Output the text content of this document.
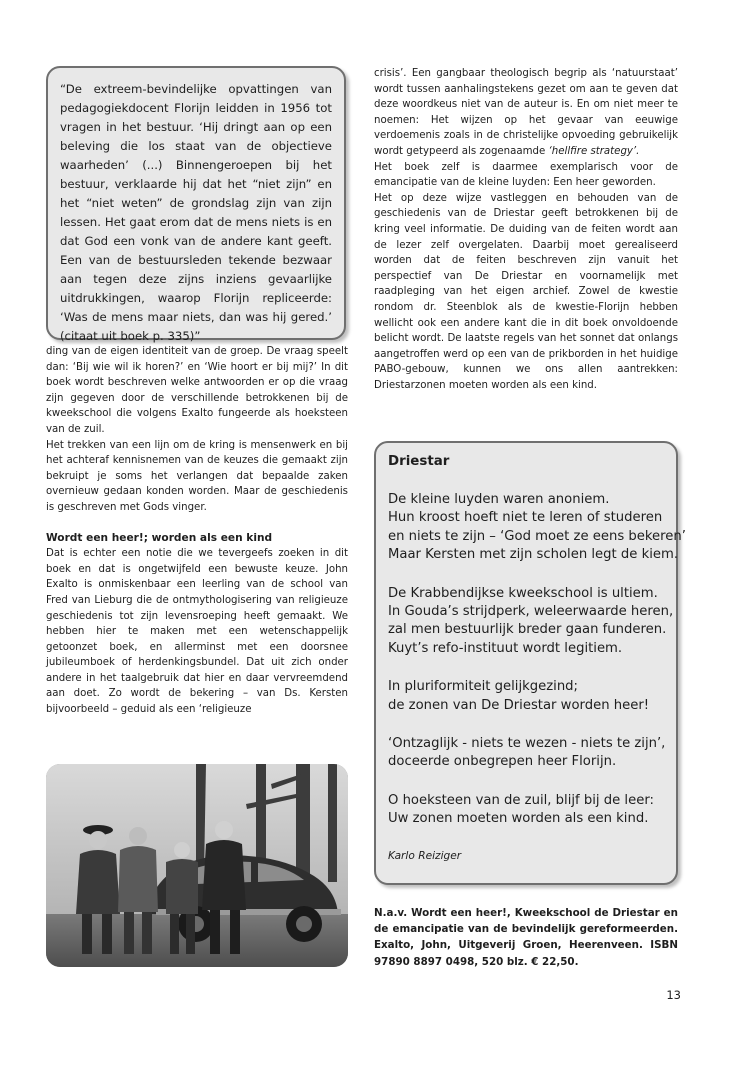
“De extreem-bevindelijke opvattingen van pedagogiekdocent Florijn leidden in 1956 tot vragen in het bestuur. ‘Hij dringt aan op een beleving die los staat van de objectieve waarheden’ (...) Binnengeroepen bij het bestuur, verklaarde hij dat het “niet zijn” en het “niet weten” de grondslag zijn van zijn lessen. Het gaat erom dat de mens niets is en dat God een vonk van de andere kant geeft. Een van de bestuursleden tekende bezwaar aan tegen deze zijns inziens gevaarlijke uitdrukkingen, waarop Florijn repliceerde: ‘Was de mens maar niets, dan was hij gered.’ (citaat uit boek p. 335)”

ding van de eigen identiteit van de groep. De vraag speelt dan: ‘Bij wie wil ik horen?’ en ‘Wie hoort er bij mij?’ In dit boek wordt beschreven welke antwoorden er op die vraag zijn gegeven door de verschillende betrokkenen bij de kweekschool die volgens Exalto fungeerde als hoeksteen van de zuil.

Het trekken van een lijn om de kring is mensenwerk en bij het achteraf kennisnemen van de keuzes die gemaakt zijn bekruipt je soms het verlangen dat bepaalde zaken overnieuw gedaan konden worden. Maar de geschiedenis is geschreven met Gods vinger.

Wordt een heer!; worden als een kind

Dat is echter een notie die we tevergeefs zoeken in dit boek en dat is ongetwijfeld een bewuste keuze. John Exalto is onmiskenbaar een leerling van de school van Fred van Lieburg die de ontmythologisering van religieuze geschiedenis tot zijn levensroeping heeft gemaakt. We hebben hier te maken met een wetenschappelijk getoonzet boek, en allerminst met een doorsnee jubileumboek of herdenkingsbundel. Dat uit zich onder andere in het taalgebruik dat hier en daar vervreemdend aan doet. Zo wordt de bekering – van Ds. Kersten bijvoorbeeld – geduid als een ‘religieuze

crisis’. Een gangbaar theologisch begrip als ‘natuurstaat’ wordt tussen aanhalingstekens gezet om aan te geven dat deze woordkeus niet van de auteur is. En om niet meer te noemen: Het wijzen op het gevaar van eeuwige verdoemenis zoals in de christelijke opvoeding gebruikelijk wordt getypeerd als zogenaamde ‘hellfire strategy’.

Het boek zelf is daarmee exemplarisch voor de emancipatie van de kleine luyden: Een heer geworden.

Het op deze wijze vastleggen en behouden van de geschiedenis van de Driestar geeft betrokkenen bij de kring veel informatie. De duiding van de feiten wordt aan de lezer zelf overgelaten. Daarbij moet gerealiseerd worden dat de feiten beschreven zijn vanuit het perspectief van De Driestar en voornamelijk met raadpleging van het eigen archief. Zowel de kwestie rondom dr. Steenblok als de kwestie-Florijn hebben wellicht ook een andere kant die in dit boek onvoldoende belicht wordt. De laatste regels van het sonnet dat onlangs aangetroffen werd op een van de prikborden in het huidige PABO-gebouw, kunnen we ons allen aantrekken: Driestarzonen moeten worden als een kind.

Driestar
De kleine luyden waren anoniem.
Hun kroost hoeft niet te leren of studeren
en niets te zijn – ‘God moet ze eens bekeren’
Maar Kersten met zijn scholen legt de kiem.
De Krabbendijkse kweekschool is ultiem.
In Gouda’s strijdperk, weleerwaarde heren,
zal men bestuurlijk breder gaan funderen.
Kuyt’s refo-instituut wordt legitiem.
In pluriformiteit gelijkgezind;
de zonen van De Driestar worden heer!
‘Ontzaglijk - niets te wezen - niets te zijn’,
doceerde onbegrepen heer Florijn.
O hoeksteen van de zuil, blijf bij de leer:
Uw zonen moeten worden als een kind.
Karlo Reiziger
N.a.v. Wordt een heer!, Kweekschool de Driestar en de emancipatie van de bevindelijk gereformeerden. Exalto, John, Uitgeverij Groen, Heerenveen. ISBN 97890 8897 0498, 520 blz. € 22,50.
13
